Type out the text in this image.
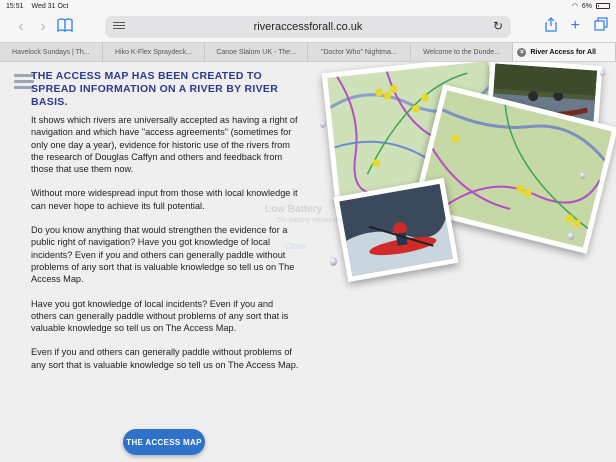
15:51 Wed 31 Oct	◠ 6%
‹	›	riveraccessforall.co.uk	↻	+
Havelock Sundays | Th...	Hiko K-Flex Spraydeck...	Canoe Slalom UK - The...	"Doctor Who" Nightma...	Welcome to the Dunde...	× River Access for All
THE ACCESS MAP HAS BEEN CREATED TO SPREAD INFORMATION ON A RIVER BY RIVER BASIS.

It shows which rivers are universally accepted as having a right of navigation and which have "access agreements" (sometimes for only one day a year), evidence for historic use of the rivers from the research of Douglas Caffyn and others and feedback from those that use them now.

Without more widespread input from those with local knowledge it can never hope to achieve its full potential.

Do you know anything that would strengthen the evidence for a public right of navigation? Have you got knowledge of local incidents? Even if you and others can generally paddle without problems of any sort that is valuable knowledge so tell us on The Access Map.

Have you got knowledge of local incidents? Even if you and others can generally paddle without problems of any sort that is valuable knowledge so tell us on The Access Map.

Even if you and others can generally paddle without problems of any sort that is valuable knowledge so tell us on The Access Map.

THE ACCESS MAP
Low Battery
5% battery remaining
Close
